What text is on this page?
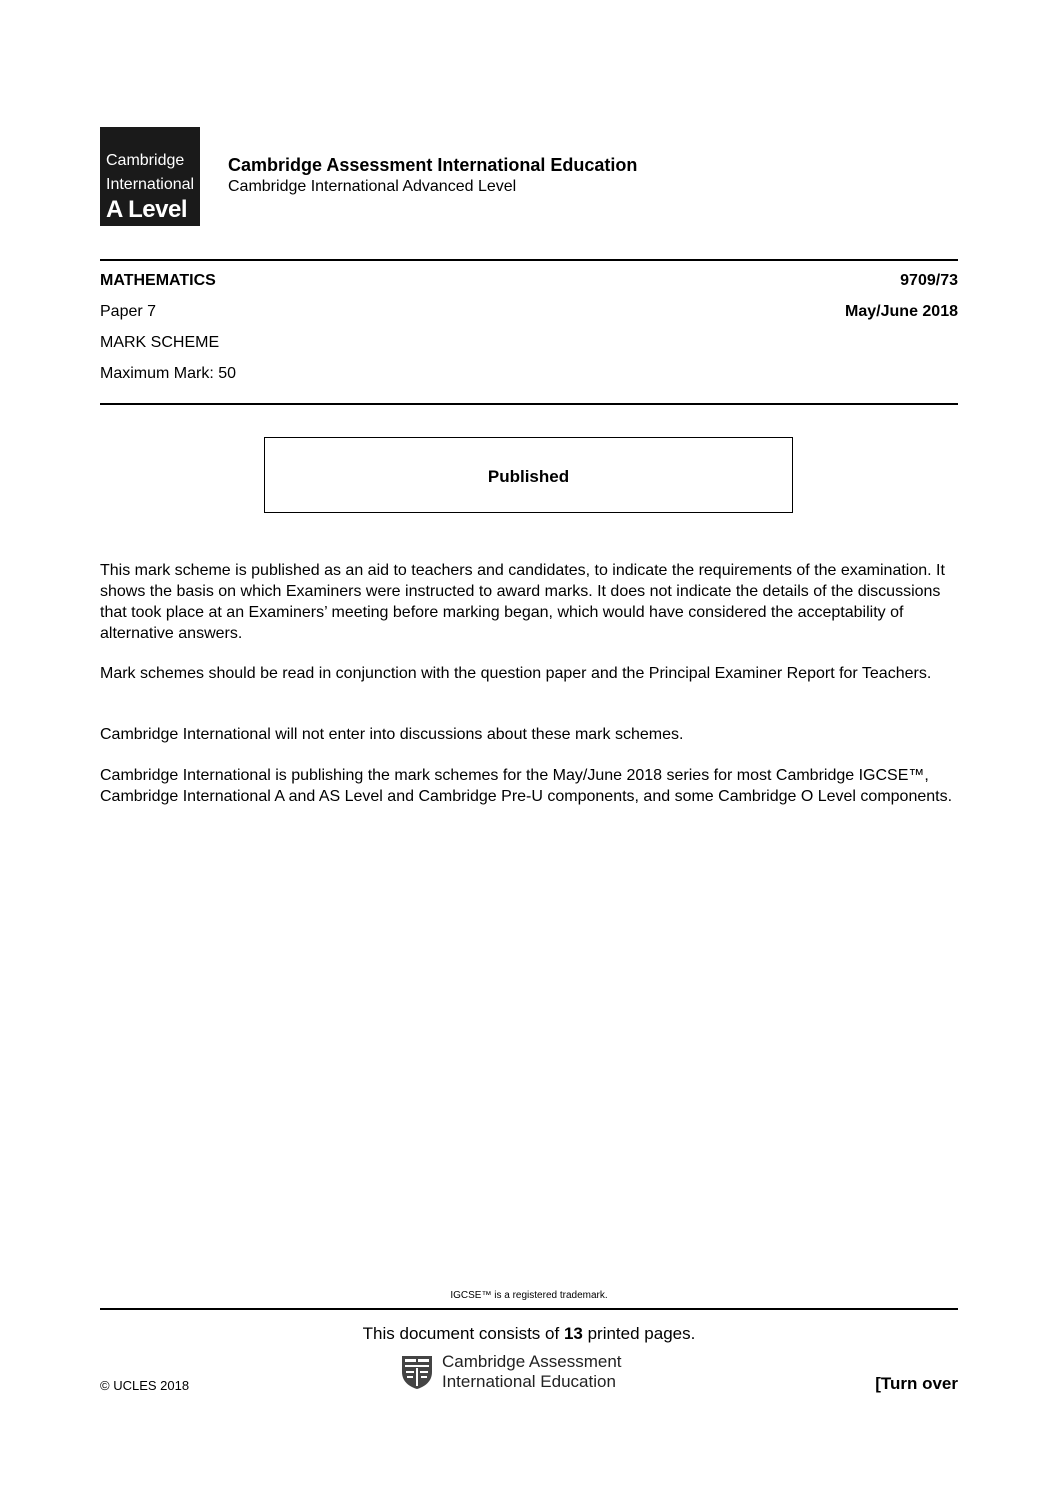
Cambridge
International
A Level
Cambridge Assessment International Education
Cambridge International Advanced Level
MATHEMATICS	9709/73
Paper 7	May/June 2018
MARK SCHEME
Maximum Mark: 50
Published

This mark scheme is published as an aid to teachers and candidates, to indicate the requirements of the examination. It shows the basis on which Examiners were instructed to award marks. It does not indicate the details of the discussions that took place at an Examiners’ meeting before marking began, which would have considered the acceptability of alternative answers.

Mark schemes should be read in conjunction with the question paper and the Principal Examiner Report for Teachers.

Cambridge International will not enter into discussions about these mark schemes.

Cambridge International is publishing the mark schemes for the May/June 2018 series for most Cambridge IGCSE™, Cambridge International A and AS Level and Cambridge Pre-U components, and some Cambridge O Level components.

IGCSE™ is a registered trademark.
This document consists of 13 printed pages.
© UCLES 2018
Cambridge Assessment
International Education	[Turn over
